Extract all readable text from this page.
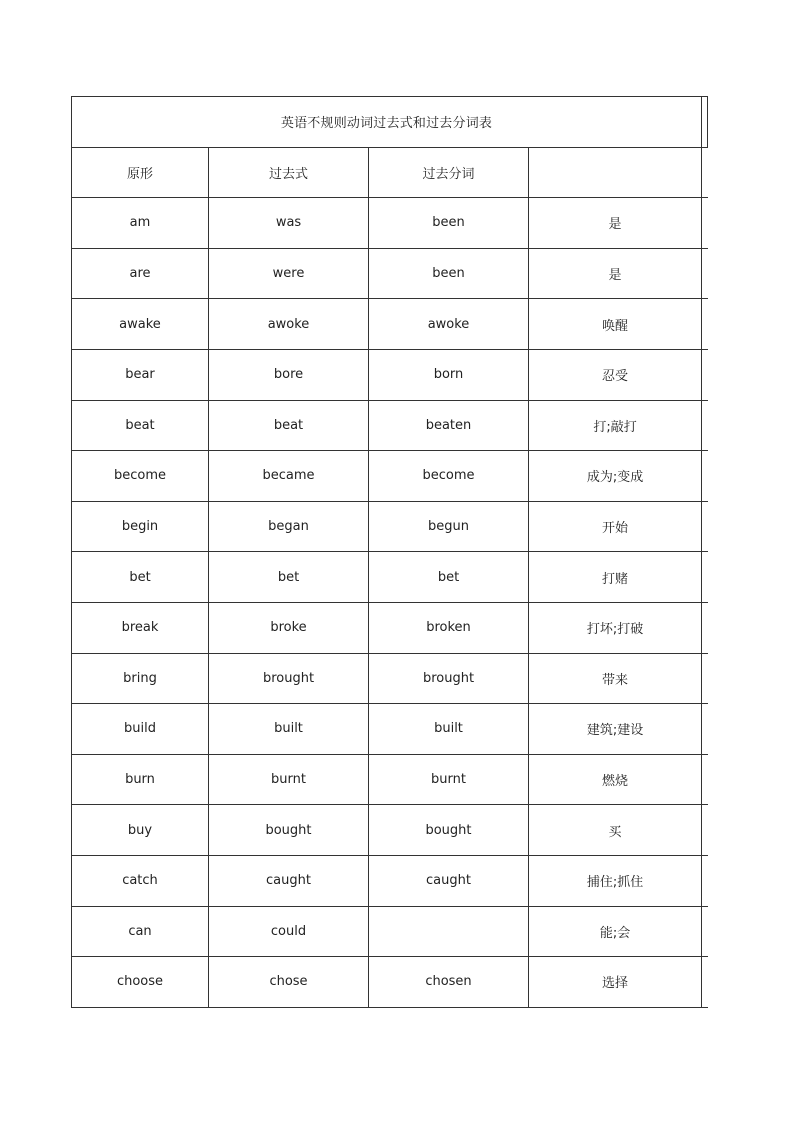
英语不规则动词过去式和过去分词表				
原形	过去式	过去分词		
am	was	been	是	
are	were	been	是	
awake	awoke	awoke	唤醒	
bear	bore	born	忍受	
beat	beat	beaten	打;敲打	
become	became	become	成为;变成	
begin	began	begun	开始	
bet	bet	bet	打赌	
break	broke	broken	打坏;打破	
bring	brought	brought	带来	
build	built	built	建筑;建设	
burn	burnt	burnt	燃烧	
buy	bought	bought	买	
catch	caught	caught	捕住;抓住	
can	could		能;会	
choose	chose	chosen	选择	
